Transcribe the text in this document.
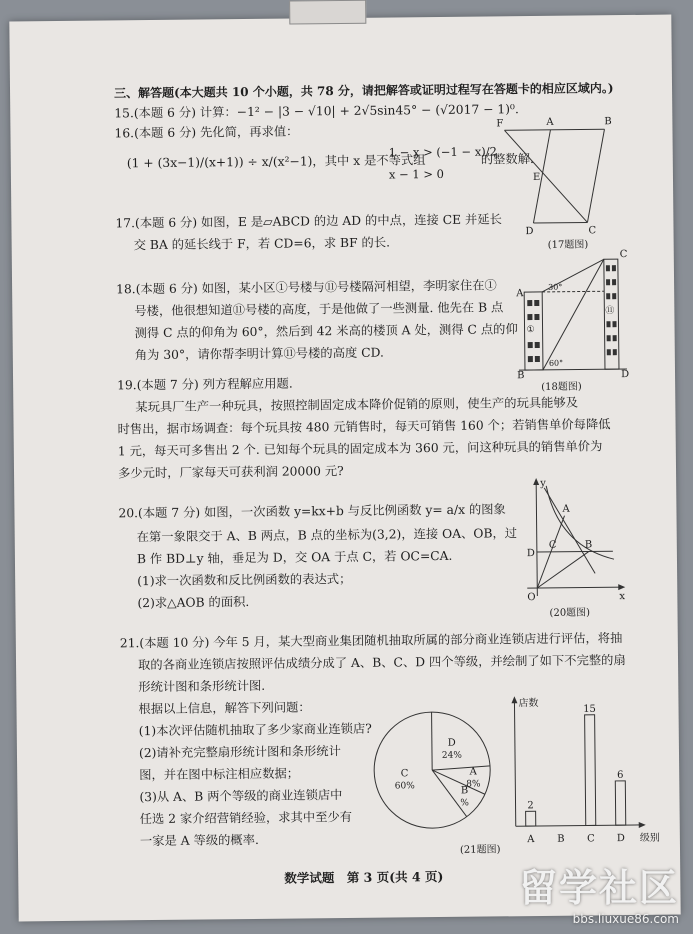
三、解答题(本大题共 10 个小题，共 78 分，请把解答或证明过程写在答题卡的相应区域内。)
15.(本题 6 分) 计算：−1² − |3 − √10| + 2√5sin45° − (√2017 − 1)⁰.
16.(本题 6 分) 先化简，再求值：
(1 + (3x−1)/(x+1)) ÷ x/(x²−1)，其中 x 是不等式组
1 − x > (−1 − x)/2
x − 1 > 0
的整数解.
17.(本题 6 分) 如图，E 是▱ABCD 的边 AD 的中点，连接 CE 并延长
交 BA 的延长线于 F，若 CD=6，求 BF 的长.
F	A	B
E
D	C
(17题图)
18.(本题 6 分) 如图，某小区①号楼与⑪号楼隔河相望，李明家住在①
号楼，他很想知道⑪号楼的高度，于是他做了一些测量. 他先在 B 点
测得 C 点的仰角为 60°，然后到 42 米高的楼顶 A 处，测得 C 点的仰
角为 30°，请你帮李明计算⑪号楼的高度 CD.
A
B
C
D
①
⑪
30°
60°
(18题图)
19.(本题 7 分) 列方程解应用题.
某玩具厂生产一种玩具，按照控制固定成本降价促销的原则，使生产的玩具能够及
时售出，据市场调查：每个玩具按 480 元销售时，每天可销售 160 个；若销售单价每降低
1 元，每天可多售出 2 个. 已知每个玩具的固定成本为 360 元，问这种玩具的销售单价为
多少元时，厂家每天可获利润 20000 元?
20.(本题 7 分) 如图，一次函数 y=kx+b 与反比例函数 y= a/x 的图象
在第一象限交于 A、B 两点，B 点的坐标为(3,2)，连接 OA、OB，过
B 作 BD⊥y 轴，垂足为 D，交 OA 于点 C，若 OC=CA.
(1)求一次函数和反比例函数的表达式；
(2)求△AOB 的面积.
y
x
O
A
B
C
D
(20题图)
21.(本题 10 分) 今年 5 月，某大型商业集团随机抽取所属的部分商业连锁店进行评估，将抽
取的各商业连锁店按照评估成绩分成了 A、B、C、D 四个等级，并绘制了如下不完整的扇
形统计图和条形统计图.
根据以上信息，解答下列问题：
(1)本次评估随机抽取了多少家商业连锁店?
(2)请补充完整扇形统计图和条形统计
图，并在图中标注相应数据；
(3)从 A、B 两个等级的商业连锁店中
任选 2 家介绍营销经验，求其中至少有
一家是 A 等级的概率.
A
8%
B
%
C
60%
D
24%
店数
级别
A
2
B C
15
D
6
(21题图)
数学试题　第 3 页(共 4 页) 留学社区
bbs.liuxue86.com
